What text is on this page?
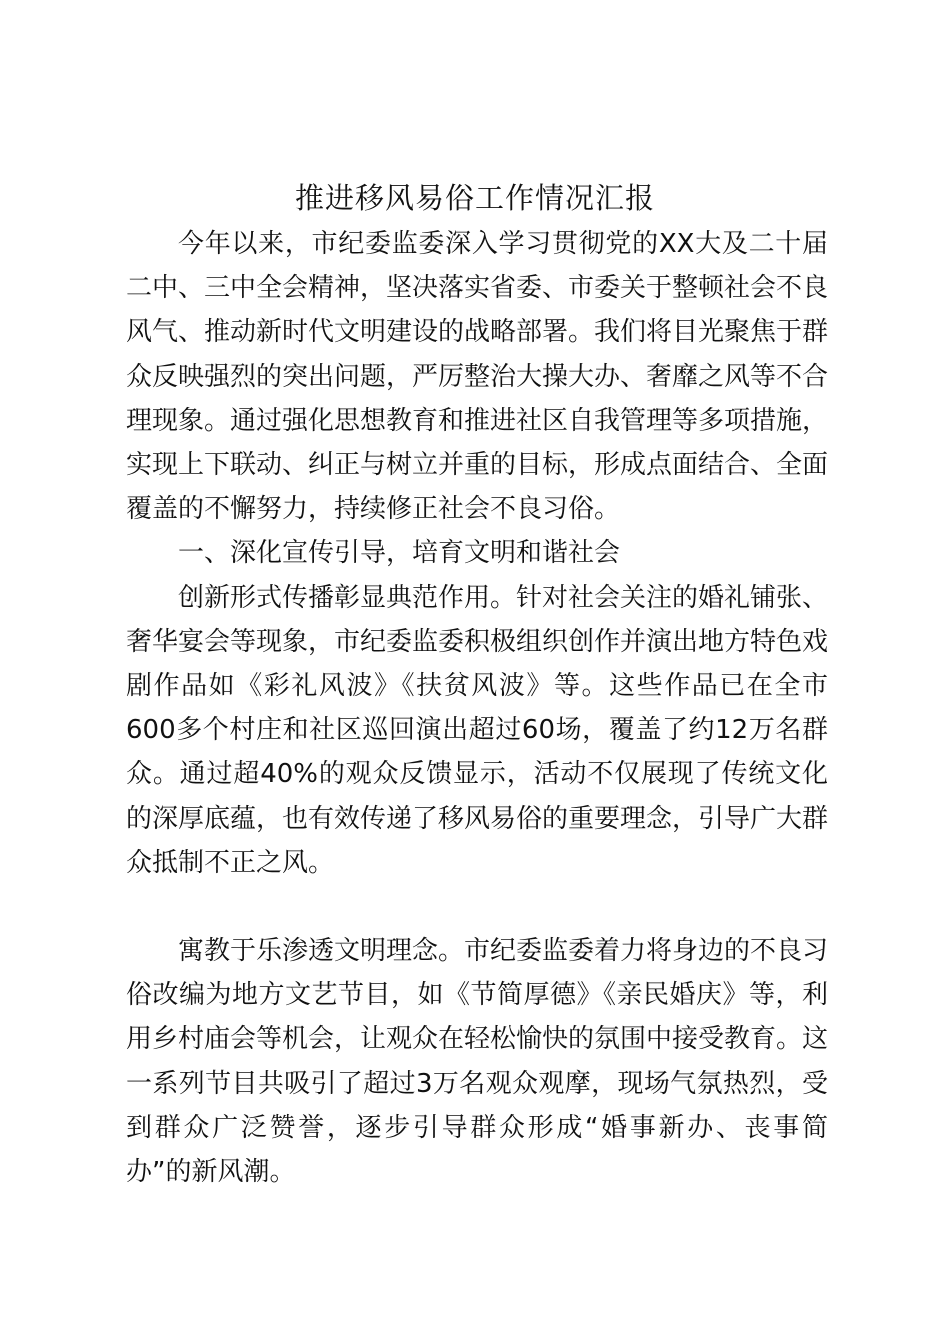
推进移风易俗工作情况汇报

今年以来，市纪委监委深入学习贯彻党的XX大及二十届二中、三中全会精神，坚决落实省委、市委关于整顿社会不良风气、推动新时代文明建设的战略部署。我们将目光聚焦于群众反映强烈的突出问题，严厉整治大操大办、奢靡之风等不合理现象。通过强化思想教育和推进社区自我管理等多项措施，实现上下联动、纠正与树立并重的目标，形成点面结合、全面覆盖的不懈努力，持续修正社会不良习俗。

一、深化宣传引导，培育文明和谐社会

创新形式传播彰显典范作用。针对社会关注的婚礼铺张、奢华宴会等现象，市纪委监委积极组织创作并演出地方特色戏剧作品如《彩礼风波》《扶贫风波》等。这些作品已在全市600多个村庄和社区巡回演出超过60场，覆盖了约12万名群众。通过超40%的观众反馈显示，活动不仅展现了传统文化的深厚底蕴，也有效传递了移风易俗的重要理念，引导广大群众抵制不正之风。

寓教于乐渗透文明理念。市纪委监委着力将身边的不良习俗改编为地方文艺节目，如《节简厚德》《亲民婚庆》等，利用乡村庙会等机会，让观众在轻松愉快的氛围中接受教育。这一系列节目共吸引了超过3万名观众观摩，现场气氛热烈，受到群众广泛赞誉，逐步引导群众形成“婚事新办、丧事简办”的新风潮。
